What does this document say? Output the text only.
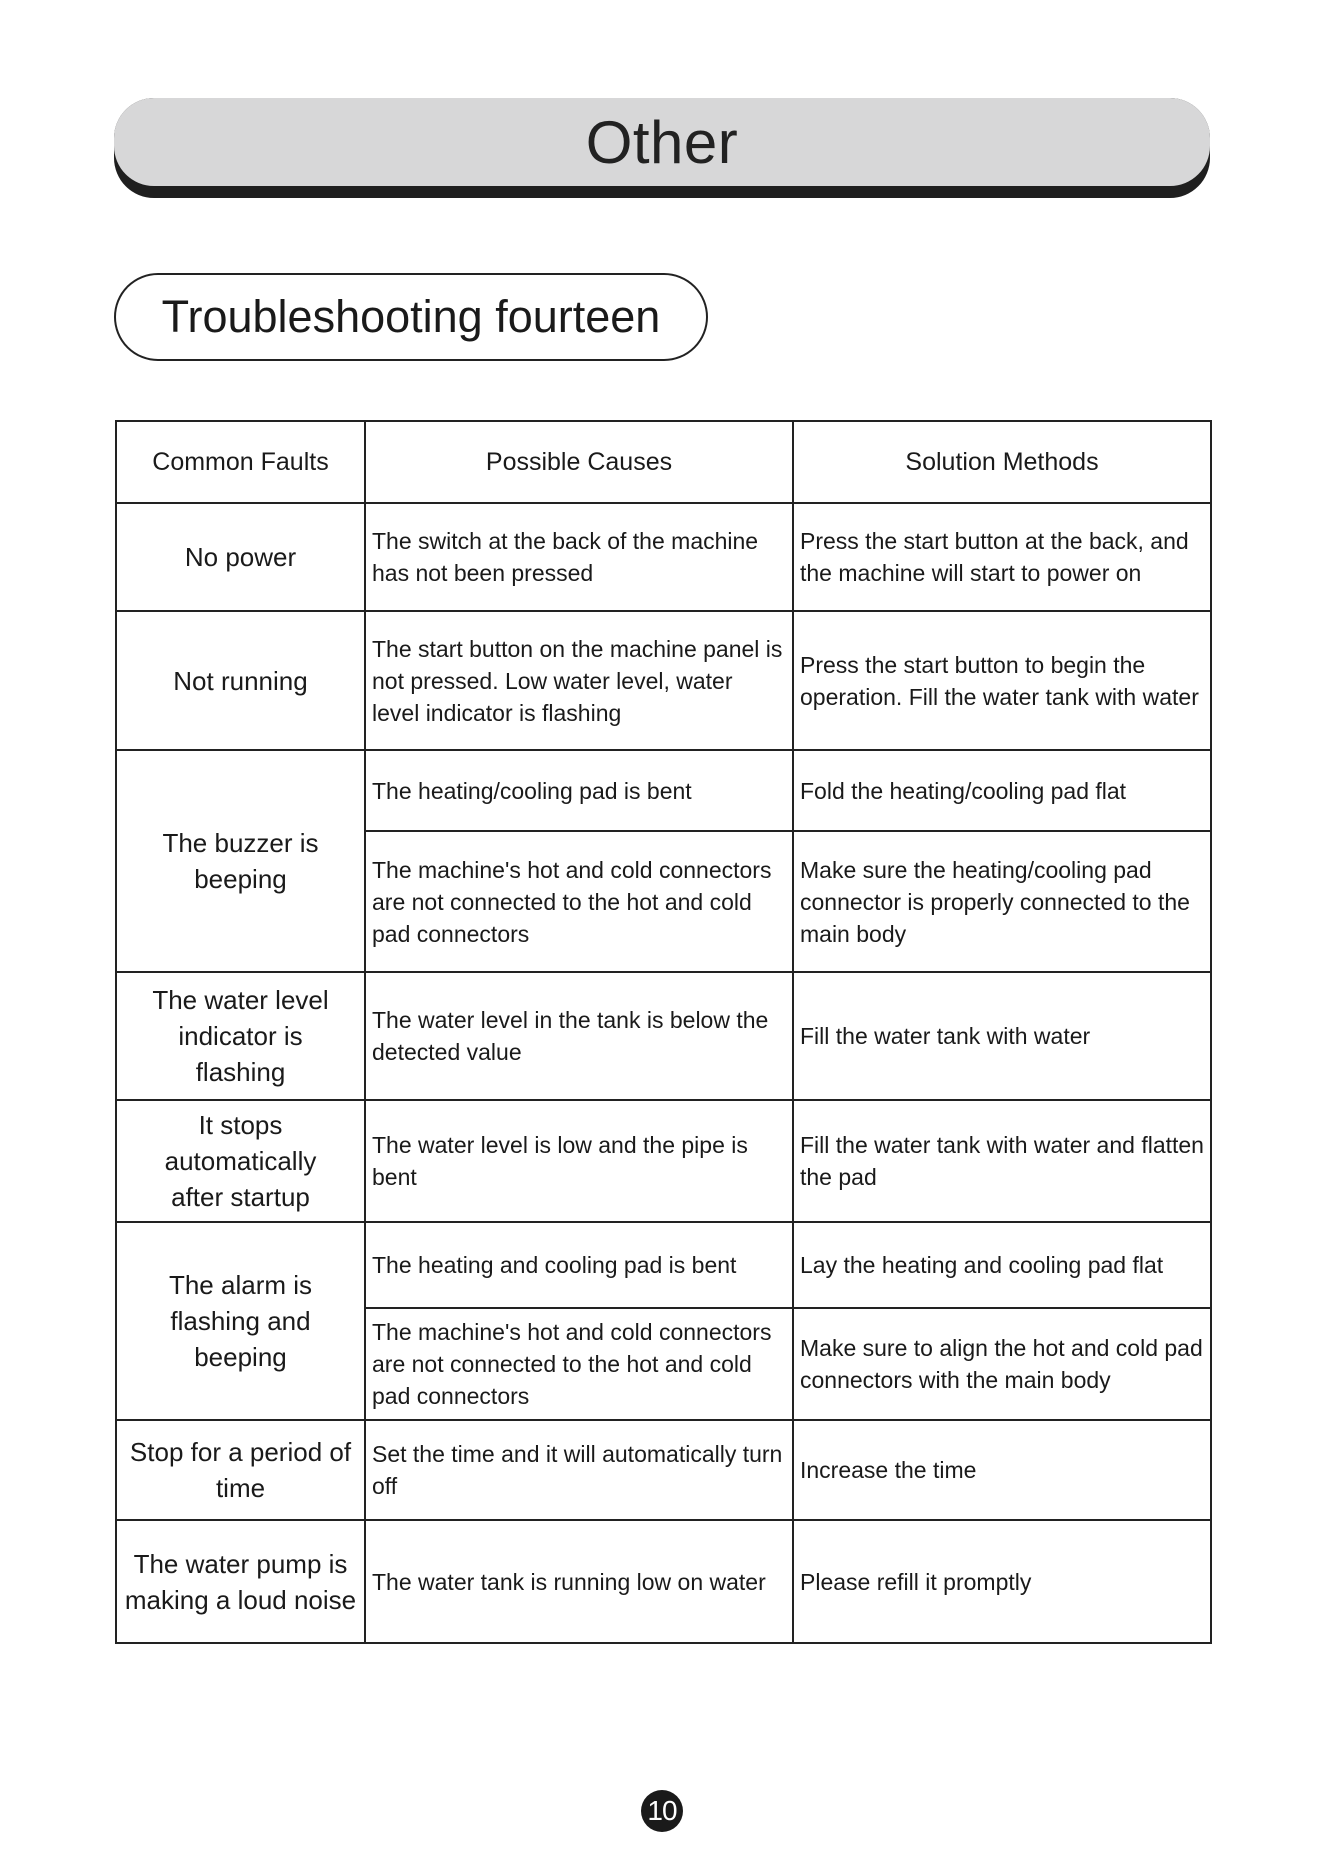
Other
Troubleshooting fourteen
Common Faults	Possible Causes	Solution Methods
No power	The switch at the back of the machine has not been pressed	Press the start button at the back, and the machine will start to power on
Not running	The start button on the machine panel is not pressed. Low water level, water level indicator is flashing	Press the start button to begin the operation. Fill the water tank with water
The buzzer is beeping	The heating/cooling pad is bent	Fold the heating/cooling pad flat
	The machine's hot and cold connectors are not connected to the hot and cold pad connectors	Make sure the heating/cooling pad connector is properly connected to the main body
The water level indicator is flashing	The water level in the tank is below the detected value	Fill the water tank with water
It stops automatically after startup	The water level is low and the pipe is bent	Fill the water tank with water and flatten the pad
The alarm is flashing and beeping	The heating and cooling pad is bent	Lay the heating and cooling pad flat
	The machine's hot and cold connectors are not connected to the hot and cold pad connectors	Make sure to align the hot and cold pad connectors with the main body
Stop for a period of time	Set the time and it will automatically turn off	Increase the time
The water pump is making a loud noise	The water tank is running low on water	Please refill it promptly
10
